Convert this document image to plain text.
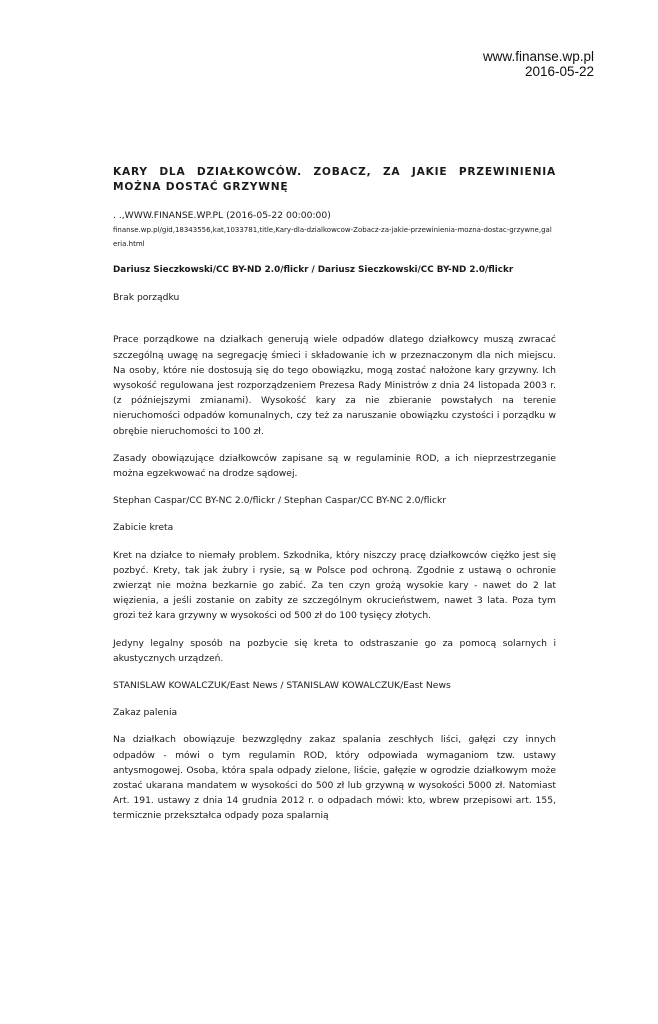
www.finanse.wp.pl
2016-05-22
KARY DLA DZIAŁKOWCÓW. ZOBACZ, ZA JAKIE PRZEWINIENIA MOŻNA DOSTAĆ GRZYWNĘ
. .,WWW.FINANSE.WP.PL (2016-05-22 00:00:00)
finanse.wp.pl/gid,18343556,kat,1033781,title,Kary-dla-dzialkowcow-Zobacz-za-jakie-przewinienia-mozna-dostac-grzywne,galeria.html
Dariusz Sieczkowski/CC BY-ND 2.0/flickr / Dariusz Sieczkowski/CC BY-ND 2.0/flickr
Brak porządku

Prace porządkowe na działkach generują wiele odpadów dlatego działkowcy muszą zwracać szczególną uwagę na segregację śmieci i składowanie ich w przeznaczonym dla nich miejscu. Na osoby, które nie dostosują się do tego obowiązku, mogą zostać nałożone kary grzywny. Ich wysokość regulowana jest rozporządzeniem Prezesa Rady Ministrów z dnia 24 listopada 2003 r. (z późniejszymi zmianami). Wysokość kary za nie zbieranie powstałych na terenie nieruchomości odpadów komunalnych, czy też za naruszanie obowiązku czystości i porządku w obrębie nieruchomości to 100 zł.

Zasady obowiązujące działkowców zapisane są w regulaminie ROD, a ich nieprzestrzeganie można egzekwować na drodze sądowej.

Stephan Caspar/CC BY-NC 2.0/flickr / Stephan Caspar/CC BY-NC 2.0/flickr
Zabicie kreta

Kret na działce to niemały problem. Szkodnika, który niszczy pracę działkowców ciężko jest się pozbyć. Krety, tak jak żubry i rysie, są w Polsce pod ochroną. Zgodnie z ustawą o ochronie zwierząt nie można bezkarnie go zabić. Za ten czyn grożą wysokie kary - nawet do 2 lat więzienia, a jeśli zostanie on zabity ze szczególnym okrucieństwem, nawet 3 lata. Poza tym grozi też kara grzywny w wysokości od 500 zł do 100 tysięcy złotych.

Jedyny legalny sposób na pozbycie się kreta to odstraszanie go za pomocą solarnych i akustycznych urządzeń.

STANISLAW KOWALCZUK/East News / STANISLAW KOWALCZUK/East News
Zakaz palenia

Na działkach obowiązuje bezwzględny zakaz spalania zeschłych liści, gałęzi czy innych odpadów - mówi o tym regulamin ROD, który odpowiada wymaganiom tzw. ustawy antysmogowej. Osoba, która spala odpady zielone, liście, gałęzie w ogrodzie działkowym może zostać ukarana mandatem w wysokości do 500 zł lub grzywną w wysokości 5000 zł. Natomiast Art. 191. ustawy z dnia 14 grudnia 2012 r. o odpadach mówi: kto, wbrew przepisowi art. 155, termicznie przekształca odpady poza spalarnią
